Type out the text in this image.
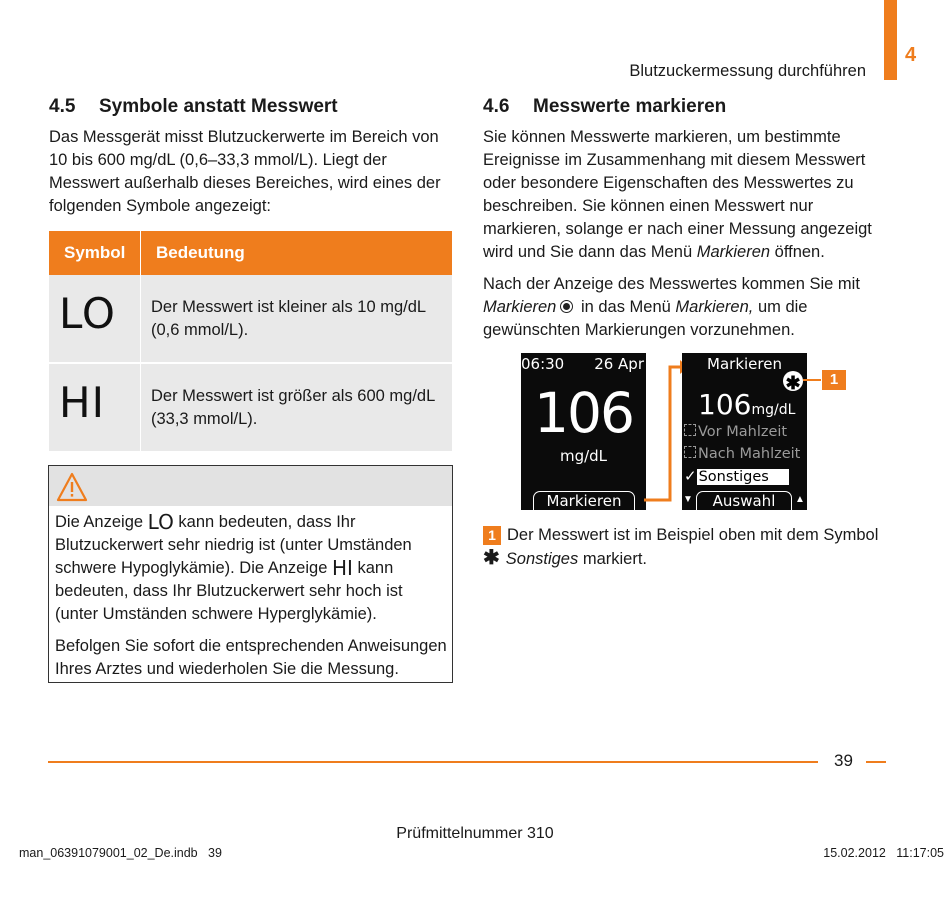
4
Blutzuckermessung durchführen
4.5 Symbole anstatt Messwert
Das Messgerät misst Blutzuckerwerte im Bereich von
10 bis 600 mg/dL (0,6–33,3 mmol/L). Liegt der
Messwert außerhalb dieses Bereiches, wird eines der
folgenden Symbole angezeigt:
Symbol	Bedeutung
LO	Der Messwert ist kleiner als 10 mg/dL
(0,6 mmol/L).

HI	Der Messwert ist größer als 600 mg/dL
(33,3 mmol/L).
Die Anzeige LO kann bedeuten, dass Ihr
Blutzuckerwert sehr niedrig ist (unter Umständen
schwere Hypoglykämie). Die Anzeige HI kann
bedeuten, dass Ihr Blutzuckerwert sehr hoch ist
(unter Umständen schwere Hyperglykämie).
Befolgen Sie sofort die entsprechenden Anweisungen
Ihres Arztes und wiederholen Sie die Messung.
4.6 Messwerte markieren
Sie können Messwerte markieren, um bestimmte
Ereignisse im Zusammenhang mit diesem Messwert
oder besondere Eigenschaften des Messwertes zu
beschreiben. Sie können einen Messwert nur
markieren, solange er nach einer Messung angezeigt
wird und Sie dann das Menü Markieren öffnen.
Nach der Anzeige des Messwertes kommen Sie mit
Markieren
in das Menü Markieren, um die
gewünschten Markierungen vorzunehmen.
06:30 26 Apr
106
mg/dL
Markieren
Markieren
✱
106mg/dL
Vor Mahlzeit
Nach Mahlzeit
✓ Sonstiges
▼	Auswahl	▲
1
1 Der Messwert ist im Beispiel oben mit dem Symbol
✱ Sonstiges markiert.
39
Prüfmittelnummer 310
man_06391079001_02_De.indb   39	15.02.2012   11:17:05
